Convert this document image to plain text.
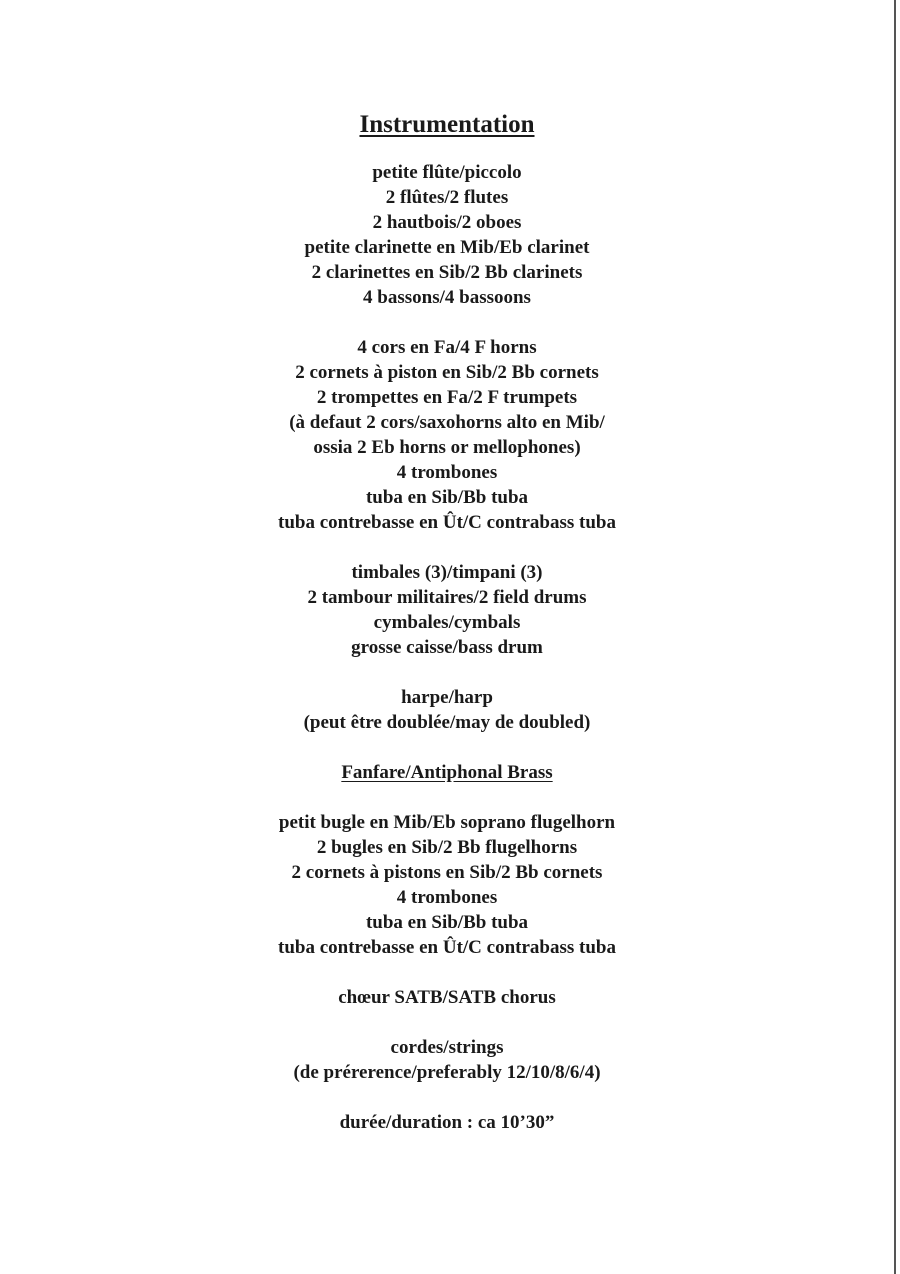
Instrumentation
petite flûte/piccolo
2 flûtes/2 flutes
2 hautbois/2 oboes
petite clarinette en Mib/Eb clarinet
2 clarinettes en Sib/2 Bb clarinets
4 bassons/4 bassoons
4 cors en Fa/4 F horns
2 cornets à piston en Sib/2 Bb cornets
2 trompettes en Fa/2 F trumpets
(à defaut 2 cors/saxohorns alto en Mib/
ossia 2 Eb horns or mellophones)
4 trombones
tuba en Sib/Bb tuba
tuba contrebasse en Ût/C contrabass tuba
timbales (3)/timpani (3)
2 tambour militaires/2 field drums
cymbales/cymbals
grosse caisse/bass drum
harpe/harp
(peut être doublée/may de doubled)
Fanfare/Antiphonal Brass
petit bugle en Mib/Eb soprano flugelhorn
2 bugles en Sib/2 Bb flugelhorns
2 cornets à pistons en Sib/2 Bb cornets
4 trombones
tuba en Sib/Bb tuba
tuba contrebasse en Ût/C contrabass tuba
chœur SATB/SATB chorus
cordes/strings
(de prérerence/preferably 12/10/8/6/4)
durée/duration : ca 10’30”
